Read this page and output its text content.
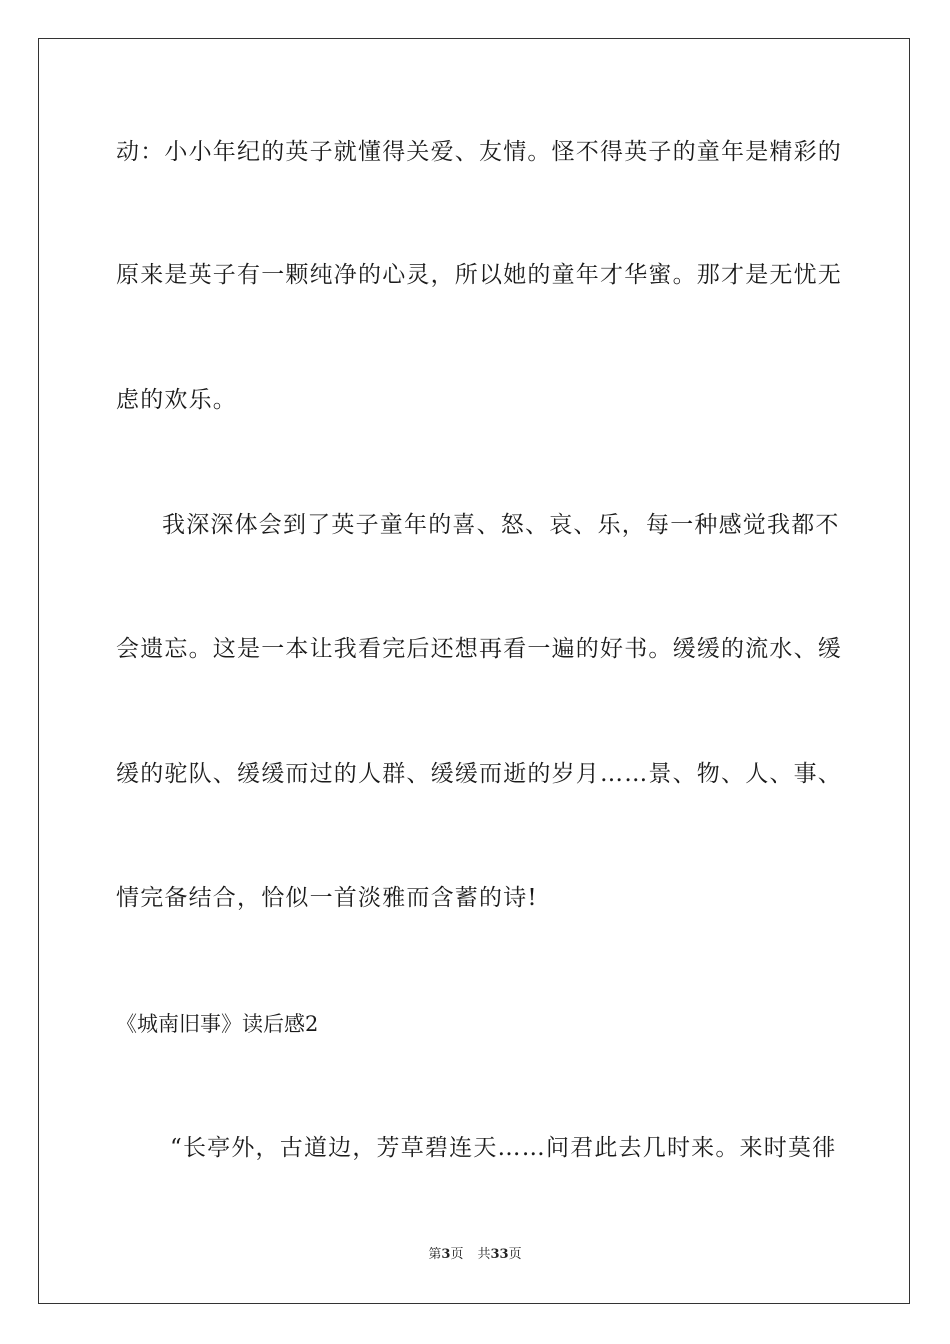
动：小小年纪的英子就懂得关爱、友情。怪不得英子的童年是精彩的
原来是英子有一颗纯净的心灵，所以她的童年才华蜜。那才是无忧无
虑的欢乐。
我深深体会到了英子童年的喜、怒、哀、乐，每一种感觉我都不
会遗忘。这是一本让我看完后还想再看一遍的好书。缓缓的流水、缓
缓的驼队、缓缓而过的人群、缓缓而逝的岁月……景、物、人、事、
情完备结合，恰似一首淡雅而含蓄的诗!
《城南旧事》读后感2
“长亭外，古道边，芳草碧连天……问君此去几时来。来时莫徘
第3页 共33页
